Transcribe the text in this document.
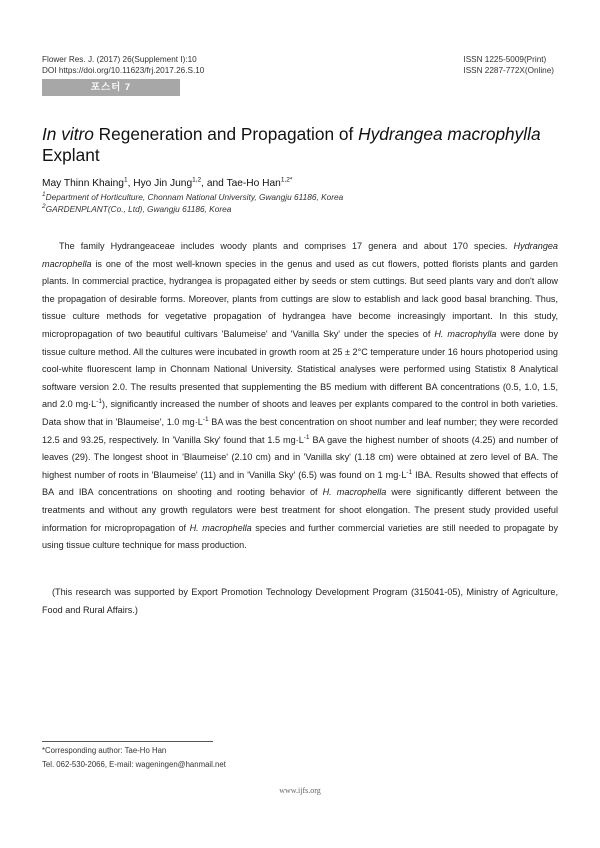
Flower Res. J. (2017) 26(Supplement I):10
DOI https://doi.org/10.11623/frj.2017.26.S.10
ISSN 1225-5009(Print)
ISSN 2287-772X(Online)
포스터 7
In vitro Regeneration and Propagation of Hydrangea macrophylla
Explant
May Thinn Khaing$^1$, Hyo Jin Jung$^{1,2}$, and Tae-Ho Han$^{1,2*}$
$^1$Department of Horticulture, Chonnam National University, Gwangju 61186, Korea
$^2$GARDENPLANT(Co., Ltd), Gwangju 61186, Korea

The family Hydrangeaceae includes woody plants and comprises 17 genera and about 170 species. Hydrangea macrophella is one of the most well-known species in the genus and used as cut flowers, potted florists plants and garden plants. In commercial practice, hydrangea is propagated either by seeds or stem cuttings. But seed plants vary and don't allow the propagation of desirable forms. Moreover, plants from cuttings are slow to establish and lack good basal branching. Thus, tissue culture methods for vegetative propagation of hydrangea have become increasingly important. In this study, micropropagation of two beautiful cultivars 'Balumeise' and 'Vanilla Sky' under the species of H. macrophylla were done by tissue culture method. All the cultures were incubated in growth room at 25 ± 2°C temperature under 16 hours photoperiod using cool-white fluorescent lamp in Chonnam National University. Statistical analyses were performed using Statistix 8 Analytical software version 2.0. The results presented that supplementing the B5 medium with different BA concentrations (0.5, 1.0, 1.5, and 2.0 $mg\cdot L^{-1}$), significantly increased the number of shoots and leaves per explants compared to the control in both varieties. Data show that in 'Blaumeise', 1.0 $mg\cdot L^{-1}$ BA was the best concentration on shoot number and leaf number; they were recorded 12.5 and 93.25, respectively. In 'Vanilla Sky' found that 1.5 $mg\cdot L^{-1}$ BA gave the highest number of shoots (4.25) and number of leaves (29). The longest shoot in 'Blaumeise' (2.10 cm) and in 'Vanilla sky' (1.18 cm) were obtained at zero level of BA. The highest number of roots in 'Blaumeise' (11) and in 'Vanilla Sky' (6.5) was found on 1 $mg\cdot L^{-1}$ IBA. Results showed that effects of BA and IBA concentrations on shooting and rooting behavior of H. macrophella were significantly different between the treatments and without any growth regulators were best treatment for shoot elongation. The present study provided useful information for micropropagation of H. macrophella species and further commercial varieties are still needed to propagate by using tissue culture technique for mass production.

(This research was supported by Export Promotion Technology Development Program (315041-05), Ministry of Agriculture, Food and Rural Affairs.)

*Corresponding author: Tae-Ho Han
Tel. 062-530-2066, E-mail: wageningen@hanmail.net
www.ijfs.org
